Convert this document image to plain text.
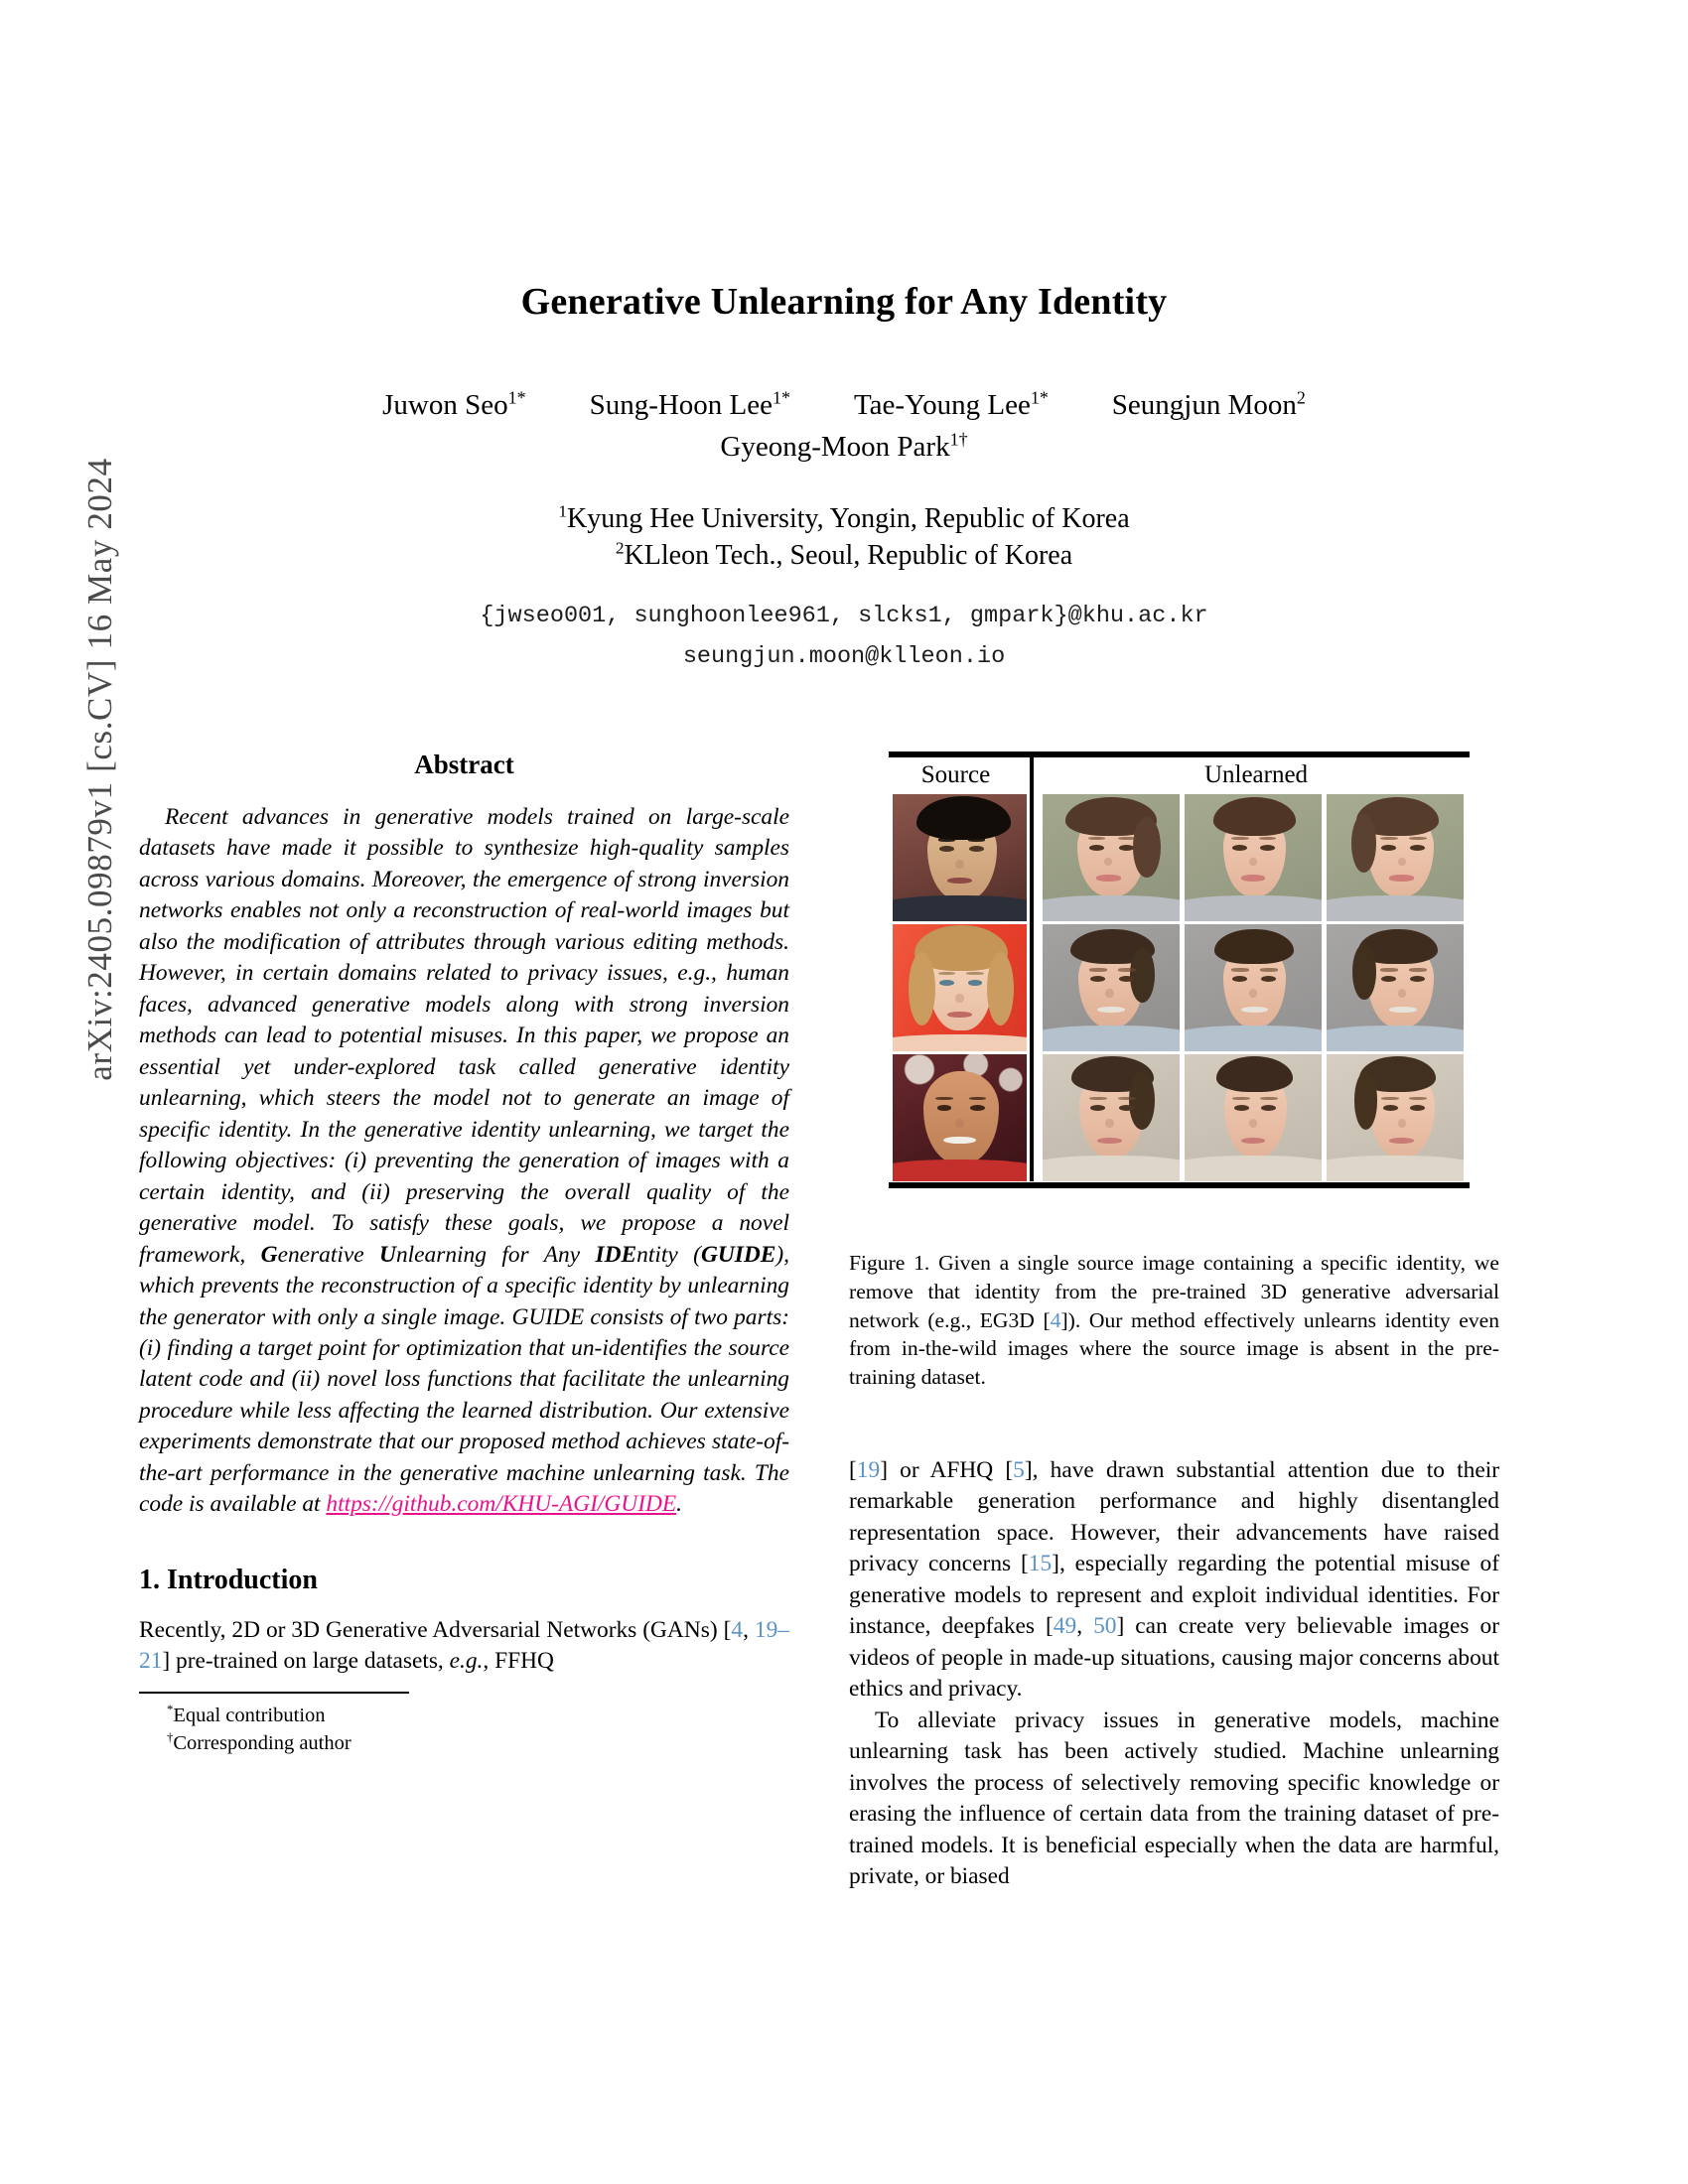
arXiv:2405.09879v1 [cs.CV] 16 May 2024
Generative Unlearning for Any Identity
Juwon Seo$^{1*}$ Sung-Hoon Lee$^{1*}$ Tae-Young Lee$^{1*}$ Seungjun Moon$^2$
Gyeong-Moon Park$^{1\dagger}$
$^1$Kyung Hee University, Yongin, Republic of Korea
$^2$KLleon Tech., Seoul, Republic of Korea
{jwseo001, sunghoonlee961, slcks1, gmpark}@khu.ac.kr
seungjun.moon@klleon.io
Abstract

Recent advances in generative models trained on large-scale datasets have made it possible to synthesize high-quality samples across various domains. Moreover, the emergence of strong inversion networks enables not only a reconstruction of real-world images but also the modification of attributes through various editing methods. However, in certain domains related to privacy issues, e.g., human faces, advanced generative models along with strong inversion methods can lead to potential misuses. In this paper, we propose an essential yet under-explored task called generative identity unlearning, which steers the model not to generate an image of specific identity. In the generative identity unlearning, we target the following objectives: (i) preventing the generation of images with a certain identity, and (ii) preserving the overall quality of the generative model. To satisfy these goals, we propose a novel framework, Generative Unlearning for Any IDEntity (GUIDE), which prevents the reconstruction of a specific identity by unlearning the generator with only a single image. GUIDE consists of two parts: (i) finding a target point for optimization that un-identifies the source latent code and (ii) novel loss functions that facilitate the unlearning procedure while less affecting the learned distribution. Our extensive experiments demonstrate that our proposed method achieves state-of-the-art performance in the generative machine unlearning task. The code is available at https://github.com/KHU-AGI/GUIDE.

1. Introduction

Recently, 2D or 3D Generative Adversarial Networks (GANs) [4, 19–21] pre-trained on large datasets, e.g., FFHQ

*Equal contribution
†Corresponding author
Source	Unlearned
Figure 1. Given a single source image containing a specific identity, we remove that identity from the pre-trained 3D generative adversarial network (e.g., EG3D [4]). Our method effectively unlearns identity even from in-the-wild images where the source image is absent in the pre-training dataset.

[19] or AFHQ [5], have drawn substantial attention due to their remarkable generation performance and highly disentangled representation space. However, their advancements have raised privacy concerns [15], especially regarding the potential misuse of generative models to represent and exploit individual identities. For instance, deepfakes [49, 50] can create very believable images or videos of people in made-up situations, causing major concerns about ethics and privacy.

To alleviate privacy issues in generative models, machine unlearning task has been actively studied. Machine unlearning involves the process of selectively removing specific knowledge or erasing the influence of certain data from the training dataset of pre-trained models. It is beneficial especially when the data are harmful, private, or biased
